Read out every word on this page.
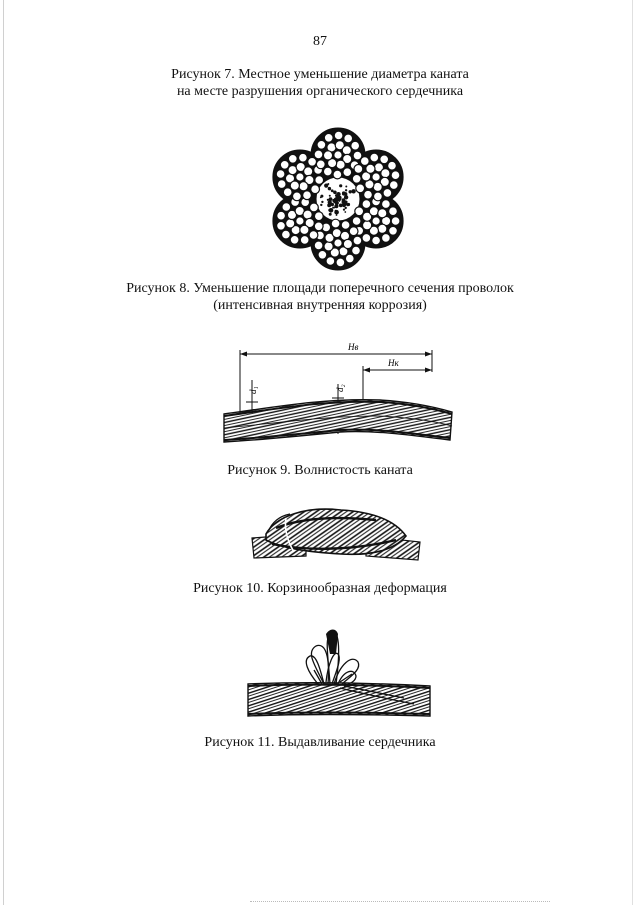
87
Рисунок 7. Местное уменьшение диаметра каната
на месте разрушения органического сердечника
Рисунок 8. Уменьшение площади поперечного сечения проволок
(интенсивная внутренняя коррозия)
Hв
Hк
d₁	d₂
Рисунок 9. Волнистость каната
Рисунок 10. Корзинообразная деформация
Рисунок 11. Выдавливание сердечника
